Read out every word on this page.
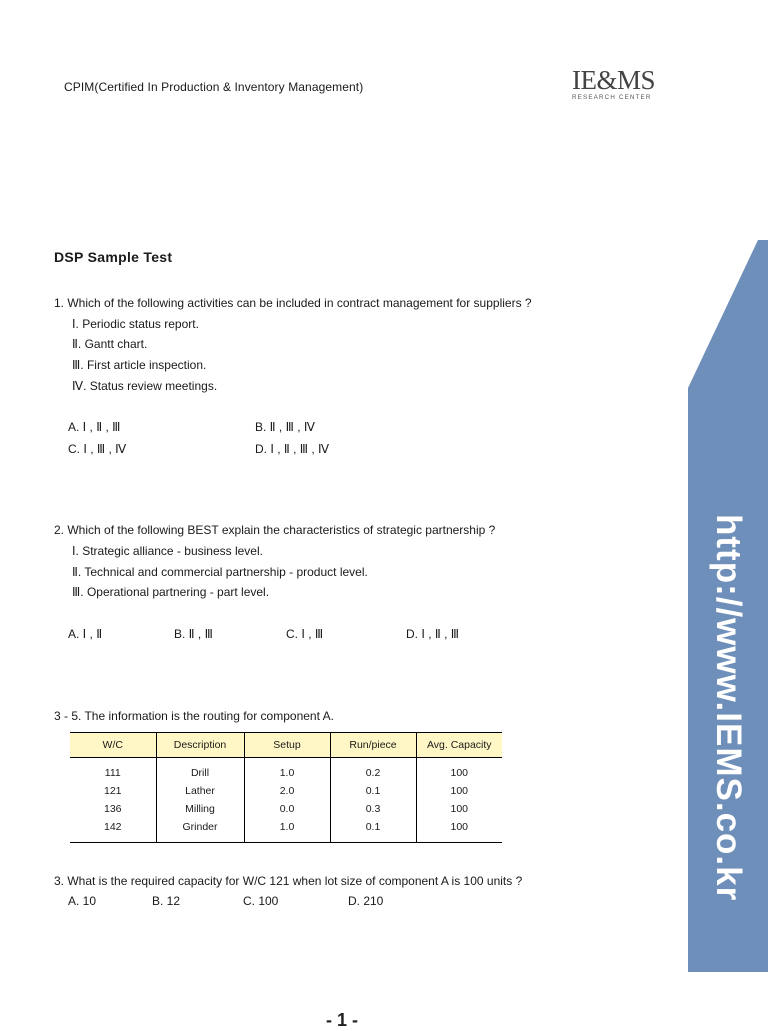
CPIM(Certified In Production & Inventory Management)	IE&MS
RESEARCH CENTER
http://www.IEMS.co.kr
DSP Sample Test
1. Which of the following activities can be included in contract management for suppliers ?
Ⅰ. Periodic status report.
Ⅱ. Gantt chart.
Ⅲ. First article inspection.
Ⅳ. Status review meetings.
A. Ⅰ , Ⅱ , Ⅲ	B. Ⅱ , Ⅲ , Ⅳ
C. Ⅰ , Ⅲ , Ⅳ	D. Ⅰ , Ⅱ , Ⅲ , Ⅳ
2. Which of the following BEST explain the characteristics of strategic partnership ?
Ⅰ. Strategic alliance - business level.
Ⅱ. Technical and commercial partnership - product level.
Ⅲ. Operational partnering - part level.
A. Ⅰ , Ⅱ	B. Ⅱ , Ⅲ	C. Ⅰ , Ⅲ	D. Ⅰ , Ⅱ , Ⅲ
3 - 5. The information is the routing for component A.
W/C	Description	Setup	Run/piece	Avg. Capacity
111	Drill	1.0	0.2	100
121	Lather	2.0	0.1	100
136	Milling	0.0	0.3	100
142	Grinder	1.0	0.1	100
3. What is the required capacity for W/C 121 when lot size of component A is 100 units ?
A. 10	B. 12	C. 100	D. 210
- 1 -
